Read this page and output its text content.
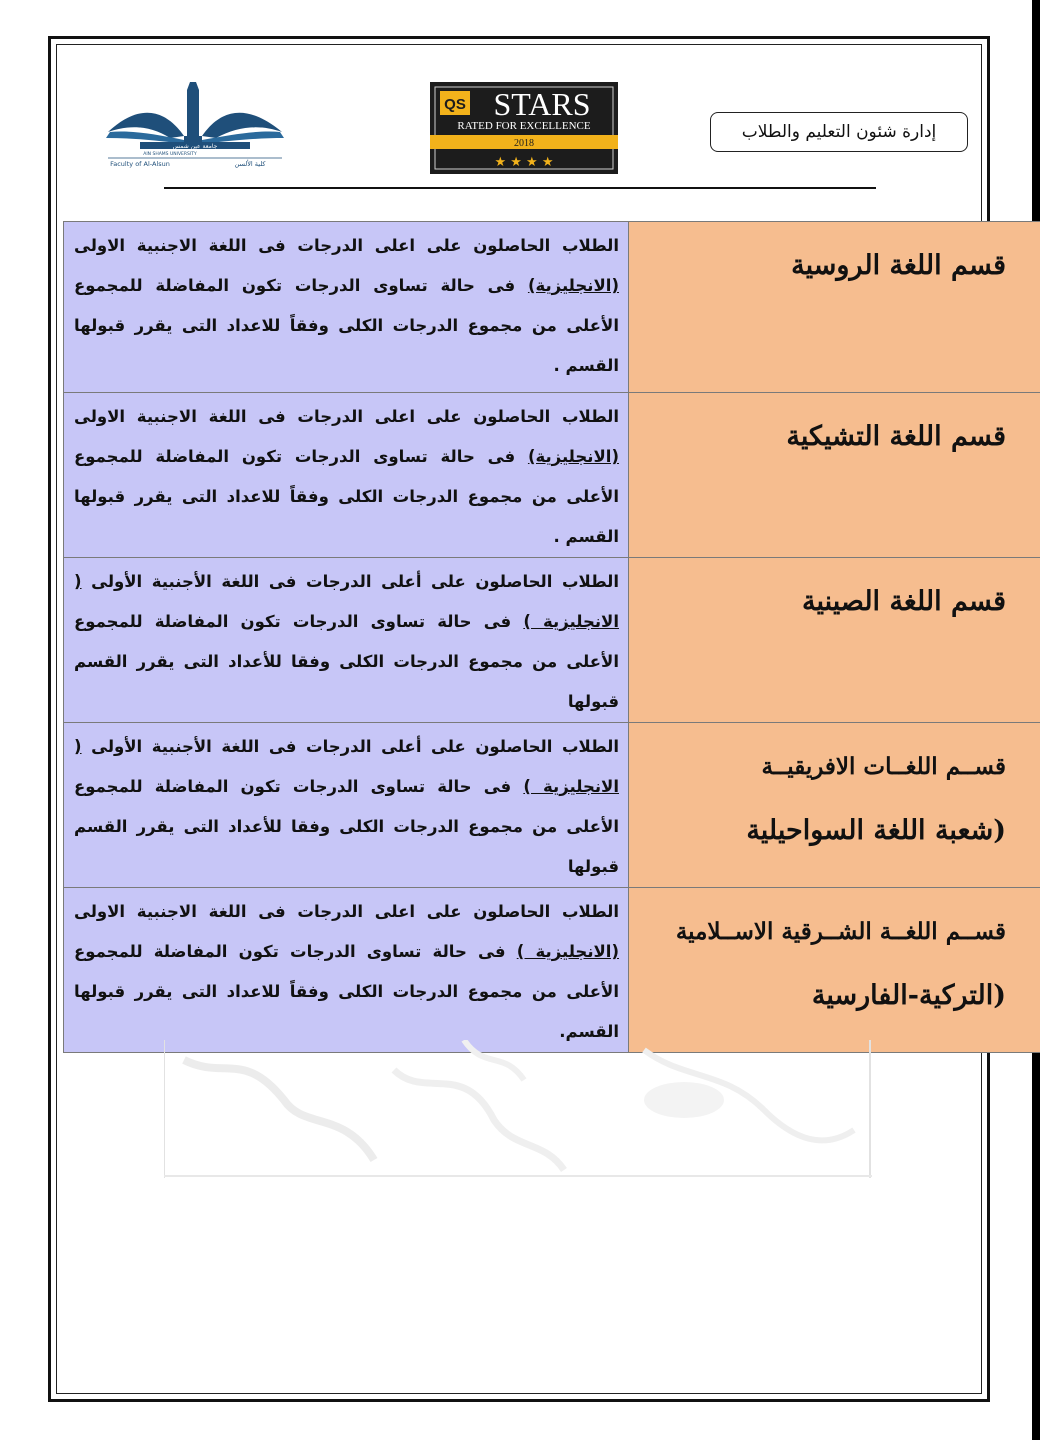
إدارة شئون التعليم والطلاب
QS STARS
RATED FOR EXCELLENCE
2018
★ ★ ★ ★
جامعة عين شمس
AIN SHAMS UNIVERSITY
Faculty of Al-Alsun	كلية الألسن
الطلاب الحاصلون على اعلى الدرجات فى اللغة الاجنبية الاولى (الانجليزية) فى حالة تساوى الدرجات تكون المفاضلة للمجموع الأعلى من مجموع الدرجات الكلى وفقاً للاعداد التى يقرر قبولها القسم .	قسم اللغة الروسية

الطلاب الحاصلون على اعلى الدرجات فى اللغة الاجنبية الاولى (الانجليزية) فى حالة تساوى الدرجات تكون المفاضلة للمجموع الأعلى من مجموع الدرجات الكلى وفقاً للاعداد التى يقرر قبولها القسم .	قسم اللغة التشيكية

الطلاب الحاصلون على أعلى الدرجات فى اللغة الأجنبية الأولى ( الانجليزية ) فى حالة تساوى الدرجات تكون المفاضلة للمجموع الأعلى من مجموع الدرجات الكلى وفقا للأعداد التى يقرر القسم قبولها	قسم اللغة الصينية

الطلاب الحاصلون على أعلى الدرجات فى اللغة الأجنبية الأولى ( الانجليزية ) فى حالة تساوى الدرجات تكون المفاضلة للمجموع الأعلى من مجموع الدرجات الكلى وفقا للأعداد التى يقرر القسم قبولها	قســم اللغــات الافريقيــة
(شعبة اللغة السواحيلية

الطلاب الحاصلون على اعلى الدرجات فى اللغة الاجنبية الاولى (الانجليزية ) فى حالة تساوى الدرجات تكون المفاضلة للمجموع الأعلى من مجموع الدرجات الكلى وفقاً للاعداد التى يقرر قبولها القسم.	قســم اللغــة الشــرقية الاســلامية
(التركية-الفارسية
